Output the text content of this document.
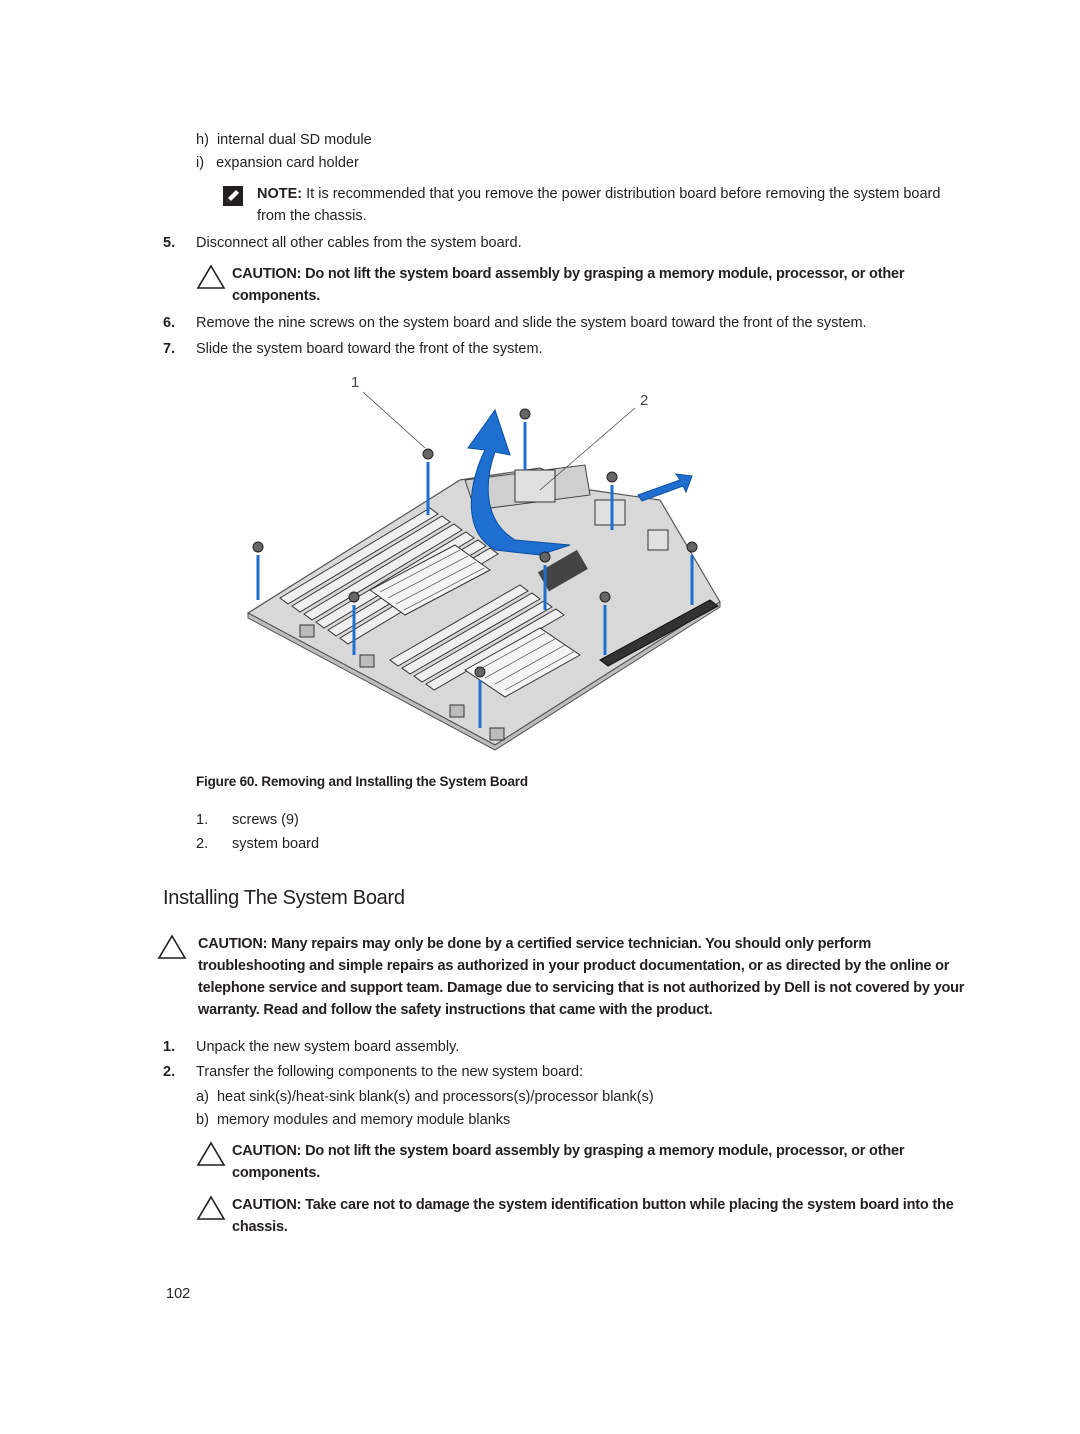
h) internal dual SD module
i) expansion card holder
NOTE: It is recommended that you remove the power distribution board before removing the system board
from the chassis.
5. Disconnect all other cables from the system board.
CAUTION: Do not lift the system board assembly by grasping a memory module, processor, or other
components.
6. Remove the nine screws on the system board and slide the system board toward the front of the system.
7. Slide the system board toward the front of the system.
1
2
Figure 60. Removing and Installing the System Board
1. screws (9)
2. system board
Installing The System Board
CAUTION: Many repairs may only be done by a certified service technician. You should only perform
troubleshooting and simple repairs as authorized in your product documentation, or as directed by the online or
telephone service and support team. Damage due to servicing that is not authorized by Dell is not covered by your
warranty. Read and follow the safety instructions that came with the product.
1. Unpack the new system board assembly.
2. Transfer the following components to the new system board:
a) heat sink(s)/heat-sink blank(s) and processors(s)/processor blank(s)
b) memory modules and memory module blanks
CAUTION: Do not lift the system board assembly by grasping a memory module, processor, or other
components.
CAUTION: Take care not to damage the system identification button while placing the system board into the
chassis.
102
